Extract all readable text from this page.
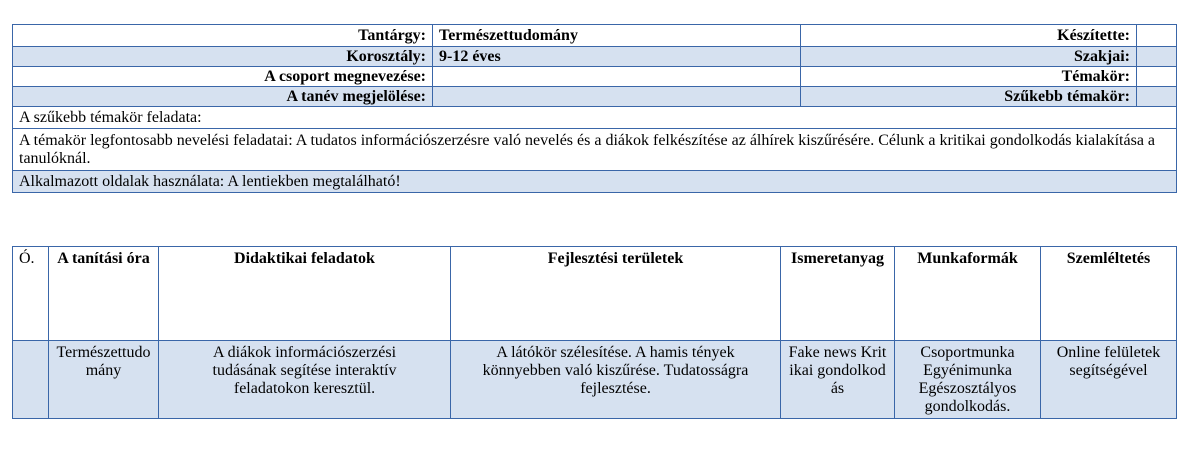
Tantárgy:	Természettudomány	Készítette:	
Korosztály:	9-12 éves	Szakjai:	
A csoport megnevezése:		Témakör:	
A tanév megjelölése:		Szűkebb témakör:	
A szűkebb témakör feladata:			
A témakör legfontosabb nevelési feladatai: A tudatos információszerzésre való nevelés és a diákok felkészítése az álhírek kiszűrésére. Célunk a kritikai gondolkodás kialakítása a tanulóknál.			
Alkalmazott oldalak használata: A lentiekben megtalálható!			
Ó.	A tanítási óra	Didaktikai feladatok	Fejlesztési területek	Ismeretanyag	Munkaformák	Szemléltetés
	Természettudomány	A diákok információszerzési tudásának segítése interaktív feladatokon keresztül.	A látókör szélesítése. A hamis tények könnyebben való kiszűrése. Tudatosságra fejlesztése.	Fake news Kritikai gondolkodás	Csoportmunka Egyénimunka Egészosztályos gondolkodás.	Online felületek segítségével
